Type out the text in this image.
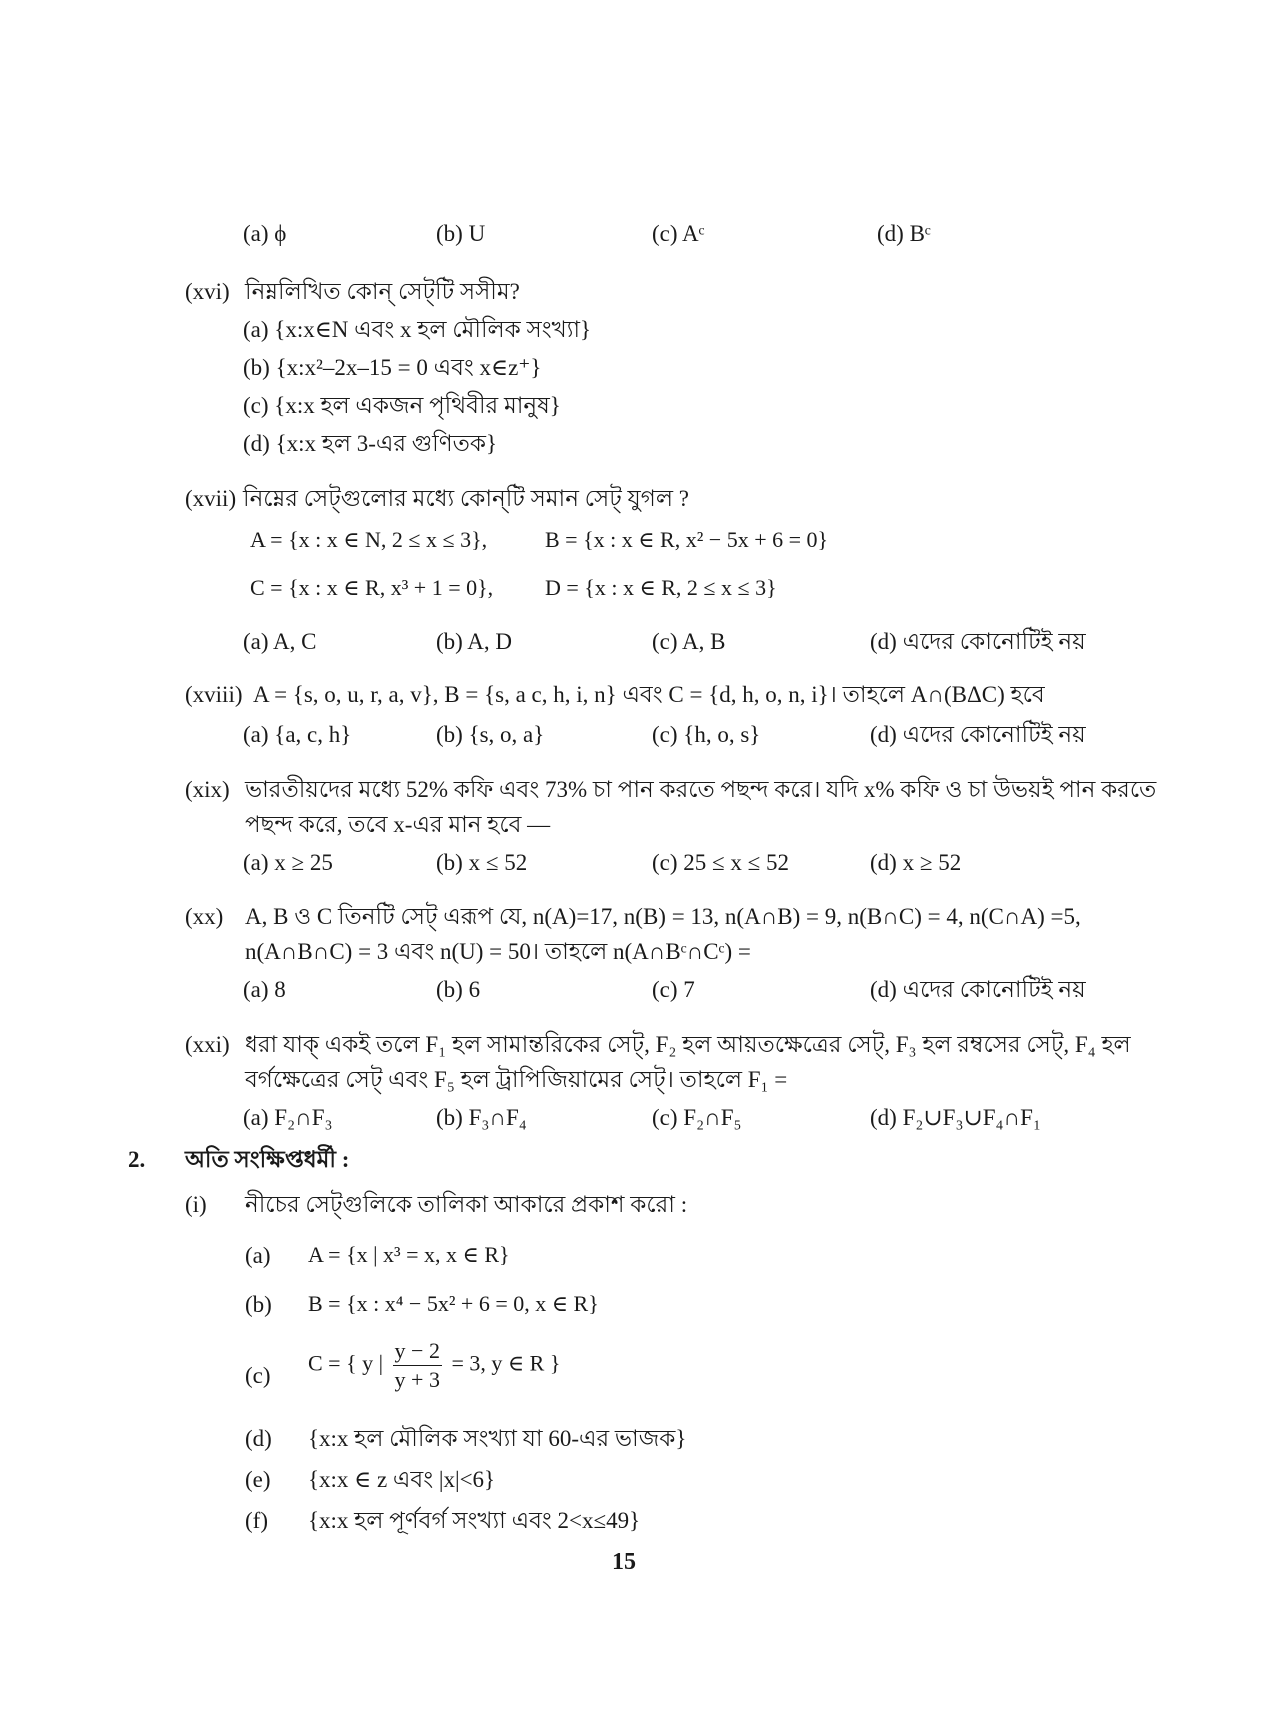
(a) ϕ	(b) U	(c) Aᶜ	(d) Bᶜ
(xvi) নিম্নলিখিত কোন্ সেট্‌টি সসীম?
(a) {x:x∈N এবং x হল মৌলিক সংখ্যা}
(b) {x:x²–2x–15 = 0 এবং x∈z⁺}
(c) {x:x হল একজন পৃথিবীর মানুষ}
(d) {x:x হল 3-এর গুণিতক}
(xvii) নিম্নের সেট্‌গুলোর মধ্যে কোন্‌টি সমান সেট্‌ যুগল ?
A = {x : x ∈ N, 2 ≤ x ≤ 3},	B = {x : x ∈ R, x² − 5x + 6 = 0}
C = {x : x ∈ R, x³ + 1 = 0}, D = {x : x ∈ R, 2 ≤ x ≤ 3}
(a) A, C	(b) A, D	(c) A, B	(d) এদের কোনোটিই নয়
(xviii) A = {s, o, u, r, a, v}, B = {s, a c, h, i, n} এবং C = {d, h, o, n, i}। তাহলে A∩(BΔC) হবে
(a) {a, c, h}	(b) {s, o, a}	(c) {h, o, s}	(d) এদের কোনোটিই নয়
(xix) ভারতীয়দের মধ্যে 52% কফি এবং 73% চা পান করতে পছন্দ করে। যদি x% কফি ও চা উভয়ই পান করতে
পছন্দ করে, তবে x-এর মান হবে —
(a) x ≥ 25	(b) x ≤ 52	(c) 25 ≤ x ≤ 52	(d) x ≥ 52
(xx) A, B ও C তিনটি সেট্‌ এরূপ যে, n(A)=17, n(B) = 13, n(A∩B) = 9, n(B∩C) = 4, n(C∩A) =5,
n(A∩B∩C) = 3 এবং n(U) = 50। তাহলে n(A∩Bᶜ∩Cᶜ) =
(a) 8	(b) 6	(c) 7	(d) এদের কোনোটিই নয়
(xxi) ধরা যাক্‌ একই তলে F₁ হল সামান্তরিকের সেট্‌, F₂ হল আয়তক্ষেত্রের সেট্‌, F₃ হল রম্বসের সেট্‌, F₄ হল
বর্গক্ষেত্রের সেট্‌ এবং F₅ হল ট্রাপিজিয়ামের সেট্‌। তাহলে F₁ =
(a) F₂∩F₃	(b) F₃∩F₄	(c) F₂∩F₅	(d) F₂∪F₃∪F₄∩F₁
2. অতি সংক্ষিপ্তধর্মী :
(i) নীচের সেট্‌গুলিকে তালিকা আকারে প্রকাশ করো :
(a) A = {x | x³ = x, x ∈ R}
(b) B = {x : x⁴ − 5x² + 6 = 0, x ∈ R}
(c) C = { y | $\frac{y - 2}{y + 3} = 3$, y ∈ R }
(d) {x:x হল মৌলিক সংখ্যা যা 60-এর ভাজক}
(e) {x:x ∈ z এবং |x|<6}
(f) {x:x হল পূর্ণবর্গ সংখ্যা এবং 2<x≤49}
15
